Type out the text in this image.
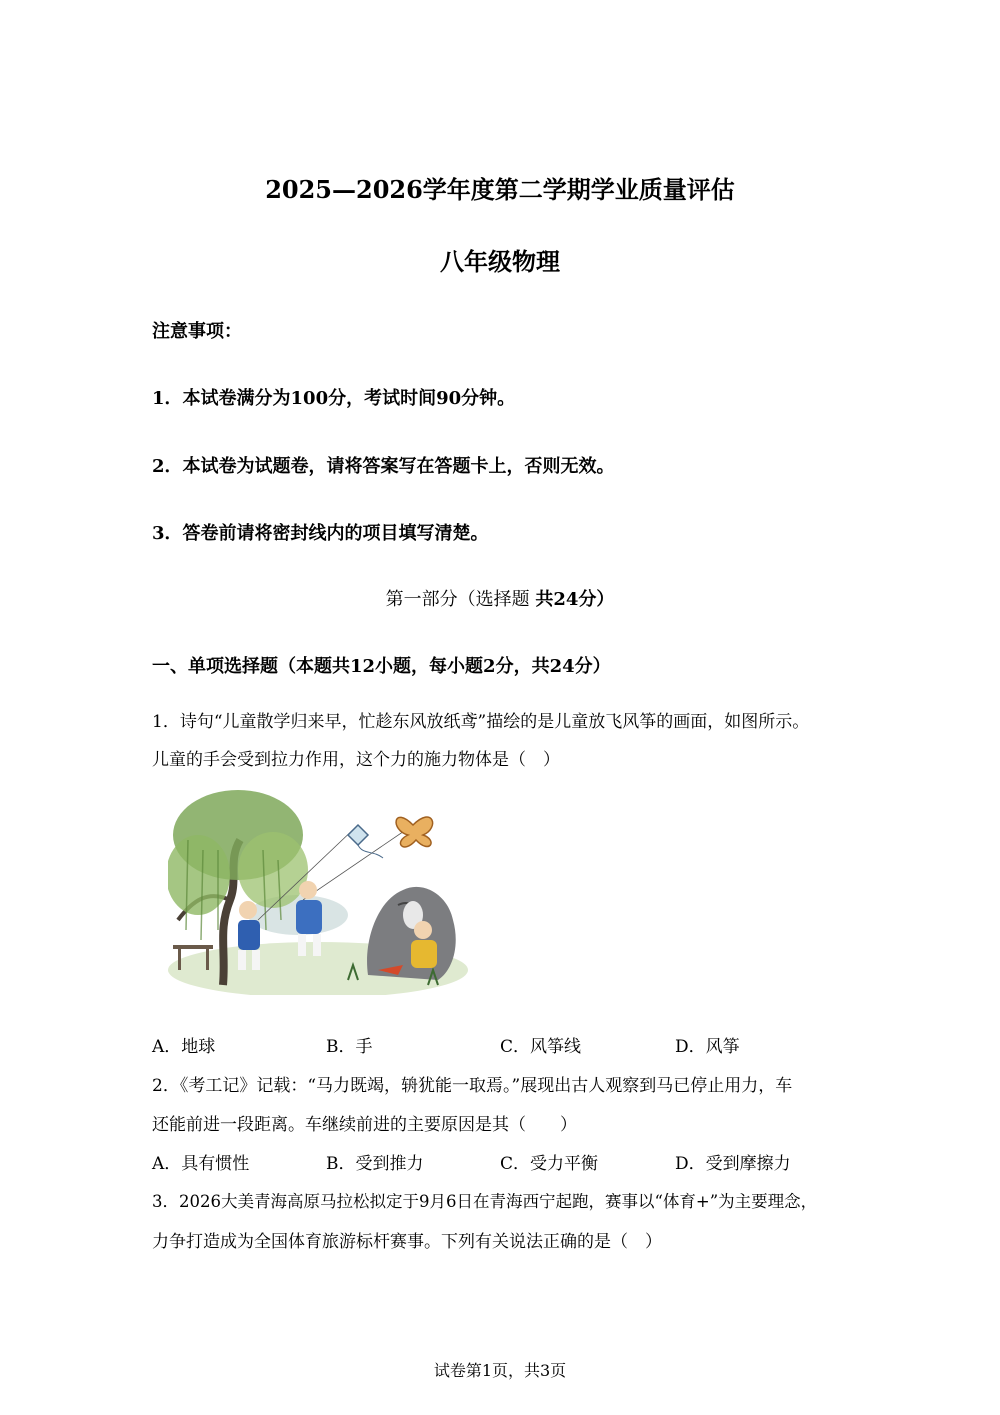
2025—2026学年度第二学期学业质量评估
八年级物理
注意事项：
1．本试卷满分为100分，考试时间90分钟。
2．本试卷为试题卷，请将答案写在答题卡上，否则无效。
3．答卷前请将密封线内的项目填写清楚。
第一部分（选择题 共24分）
一、单项选择题（本题共12小题，每小题2分，共24分）
1．诗句“儿童散学归来早，忙趁东风放纸鸢”描绘的是儿童放飞风筝的画面，如图所示。
儿童的手会受到拉力作用，这个力的施力物体是（　）
A．地球	B．手	C．风筝线	D．风筝
2．《考工记》记载：“马力既竭，辀犹能一取焉。”展现出古人观察到马已停止用力，车
还能前进一段距离。车继续前进的主要原因是其（　　）
A．具有惯性	B．受到推力	C．受力平衡	D．受到摩擦力
3．2026大美青海高原马拉松拟定于9月6日在青海西宁起跑，赛事以“体育+”为主要理念，
力争打造成为全国体育旅游标杆赛事。下列有关说法正确的是（　）
试卷第1页，共3页
